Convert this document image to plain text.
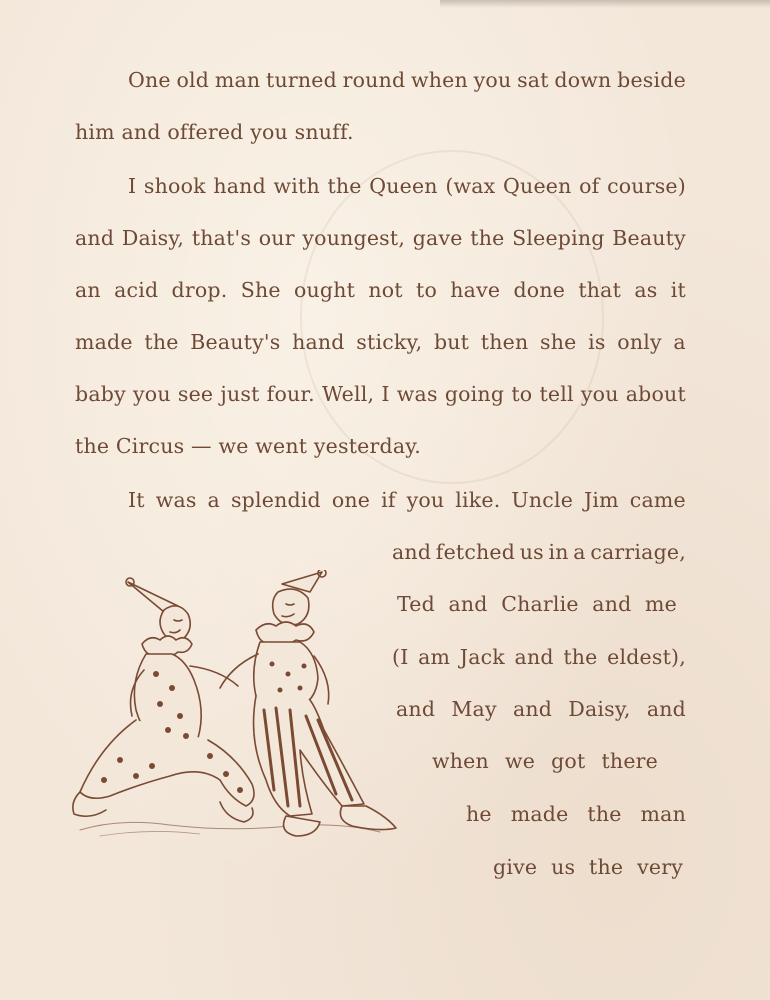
One old man turned round when you sat down beside
him and offered you snuff.
I shook hand with the Queen (wax Queen of course)
and Daisy, that's our youngest, gave the Sleeping Beauty
an acid drop. She ought not to have done that as it
made the Beauty's hand sticky, but then she is only a
baby you see just four. Well, I was going to tell you about
the Circus — we went yesterday.
It was a splendid one if you like. Uncle Jim came
and fetched us in a carriage,
Ted and Charlie and me
(I am Jack and the eldest),
and May and Daisy, and
when we got there
he made the man
give us the very
